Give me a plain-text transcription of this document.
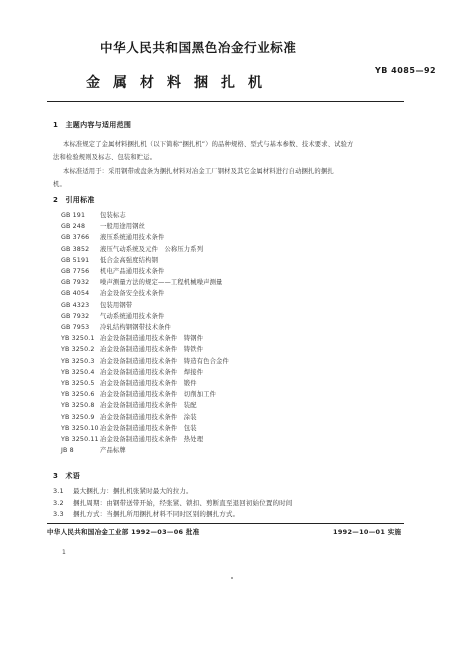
中华人民共和国黑色冶金行业标准
YB 4085—92
金属材料捆扎机
1　主题内容与适用范围
本标准规定了金属材料捆扎机（以下简称“捆扎机”）的品种规格、型式与基本参数、技术要求、试验方
法和检验规则及标志、包装和贮运。
本标准适用于：采用钢带或盘条为捆扎材料对冶金工厂钢材及其它金属材料进行自动捆扎的捆扎
机。
2　引用标准
GB 191 包装标志
GB 248 一般用途用钢丝
GB 3766 液压系统通用技术条件
GB 3852 液压气动系统及元件　公称压力系列
GB 5191 低合金高强度结构钢
GB 7756 机电产品通用技术条件
GB 7932 噪声测量方法的规定——工程机械噪声测量
GB 4054 冶金设备安全技术条件
GB 4323 包装用钢带
GB 7932 气动系统通用技术条件
GB 7953 冷轧结构钢钢带技术条件
YB 3250.1 冶金设备制造通用技术条件　铸钢件
YB 3250.2 冶金设备制造通用技术条件　铸铁件
YB 3250.3 冶金设备制造通用技术条件　铸造有色合金件
YB 3250.4 冶金设备制造通用技术条件　焊接件
YB 3250.5 冶金设备制造通用技术条件　锻件
YB 3250.6 冶金设备制造通用技术条件　切削加工件
YB 3250.8 冶金设备制造通用技术条件　装配
YB 3250.9 冶金设备制造通用技术条件　涂装
YB 3250.10冶金设备制造通用技术条件　包装
YB 3250.11冶金设备制造通用技术条件　热处理
JB 8	产品标牌
3　术语
3.1 最大捆扎力：捆扎机张紧时最大的拉力。
3.2 捆扎周期：由钢带送带开始，经张紧、锁扣、剪断直至退回初始位置的时间
3.3 捆扎方式：当捆扎所用捆扎材料不同时区别的捆扎方式。
中华人民共和国冶金工业部 1992—03—06 批准	1992—10—01 实施
1
